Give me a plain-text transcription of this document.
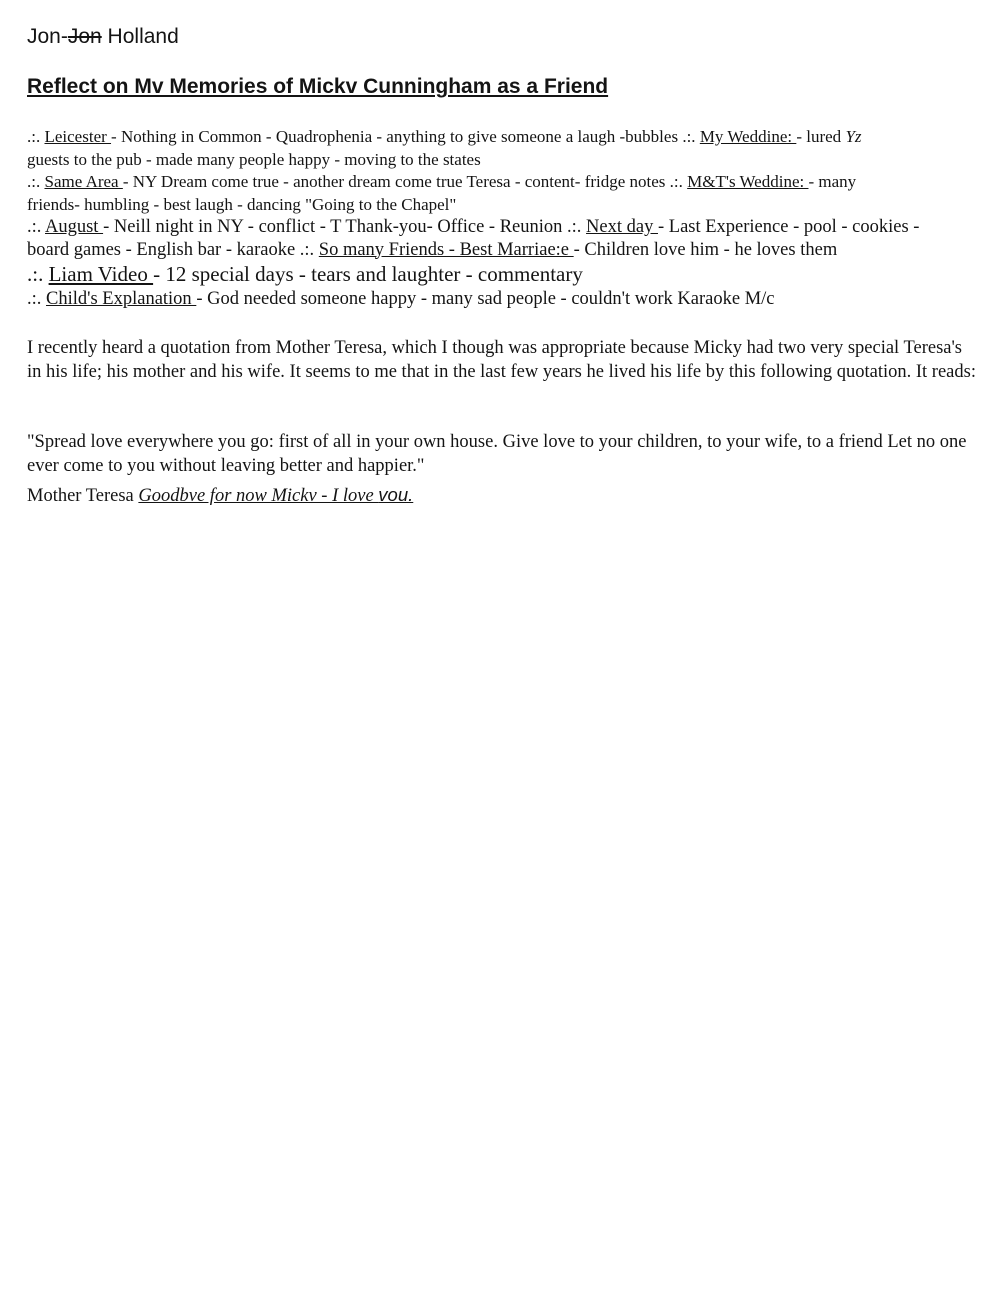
Jon-Jon Holland
Reflect on Mv Memories of Mickv Cunningham as a Friend
.:. Leicester - Nothing in Common - Quadrophenia - anything to give someone a laugh -bubbles .:. My Weddine: - lured Yz
guests to the pub - made many people happy - moving to the states
.:. Same Area - NY Dream come true - another dream come true Teresa - content- fridge notes .:. M&T's Weddine: - many
friends- humbling - best laugh - dancing "Going to the Chapel"
.:. August - Neill night in NY - conflict - T Thank-you- Office - Reunion .:. Next day - Last Experience - pool - cookies -
board games - English bar - karaoke .:. So many Friends - Best Marriae:e - Children love him - he loves them
.:. Liam Video - 12 special days - tears and laughter - commentary
.:. Child's Explanation - God needed someone happy - many sad people - couldn't work Karaoke M/c

I recently heard a quotation from Mother Teresa, which I though was appropriate because Micky had two very special Teresa's in his life; his mother and his wife. It seems to me that in the last few years he lived his life by this following quotation. It reads:

"Spread love everywhere you go: first of all in your own house. Give love to your children, to your wife, to a friend Let no one ever come to you without leaving better and happier."

Mother Teresa Goodbve for now Mickv - I love vou.
